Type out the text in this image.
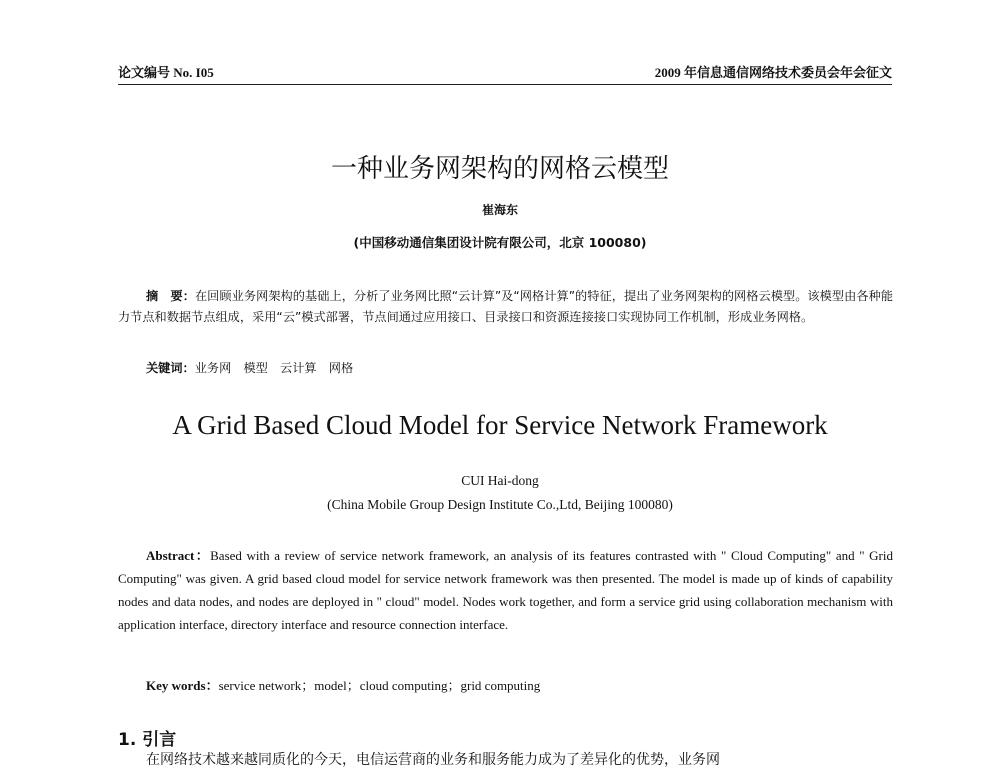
论文编号 No. I05	2009 年信息通信网络技术委员会年会征文
一种业务网架构的网格云模型
崔海东
(中国移动通信集团设计院有限公司，北京 100080)
摘　要：在回顾业务网架构的基础上，分析了业务网比照“云计算”及“网格计算”的特征，提出了业务网架构的网格云模型。该模型由各种能力节点和数据节点组成，采用“云”模式部署，节点间通过应用接口、目录接口和资源连接接口实现协同工作机制，形成业务网格。
关键词：业务网　模型　云计算　网格
A Grid Based Cloud Model for Service Network Framework
CUI Hai-dong
(China Mobile Group Design Institute Co.,Ltd, Beijing 100080)
Abstract：Based with a review of service network framework, an analysis of its features contrasted with " Cloud Computing" and " Grid Computing" was given. A grid based cloud model for service network framework was then presented. The model is made up of kinds of capability nodes and data nodes, and nodes are deployed in " cloud" model. Nodes work together, and form a service grid using collaboration mechanism with application interface, directory interface and resource connection interface.
Key words：service network；model；cloud computing；grid computing
1. 引言
在网络技术越来越同质化的今天，电信运营商的业务和服务能力成为了差异化的优势，业务网
